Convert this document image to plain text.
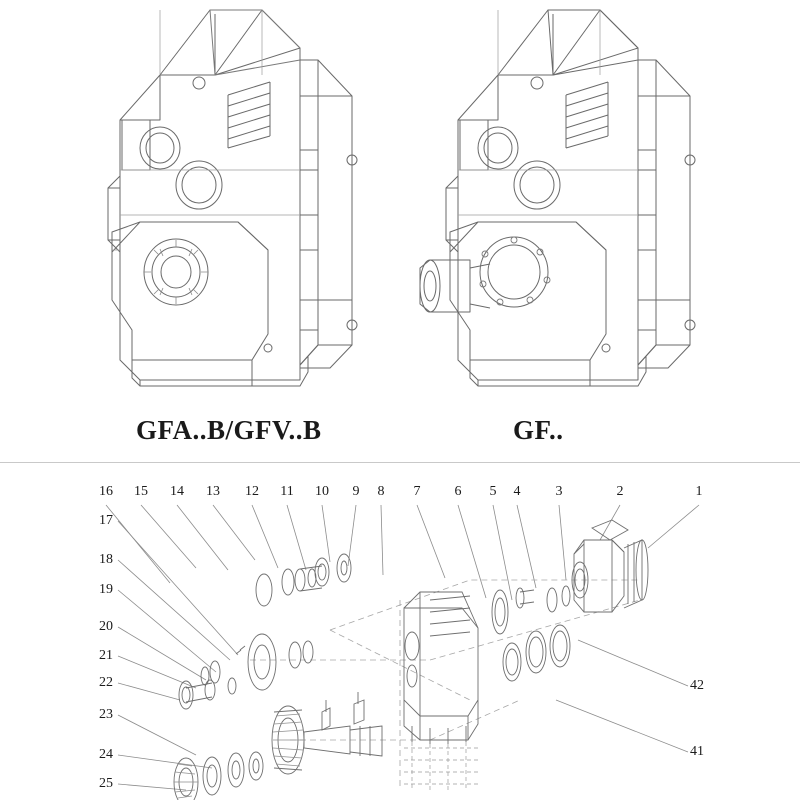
GFA..B/GFV..B	GF..
16 15 14 13 12	11	10	9	8	7	6	5	4	3	2	1
17
18
19
20
21
22
23
24
25
42
41
